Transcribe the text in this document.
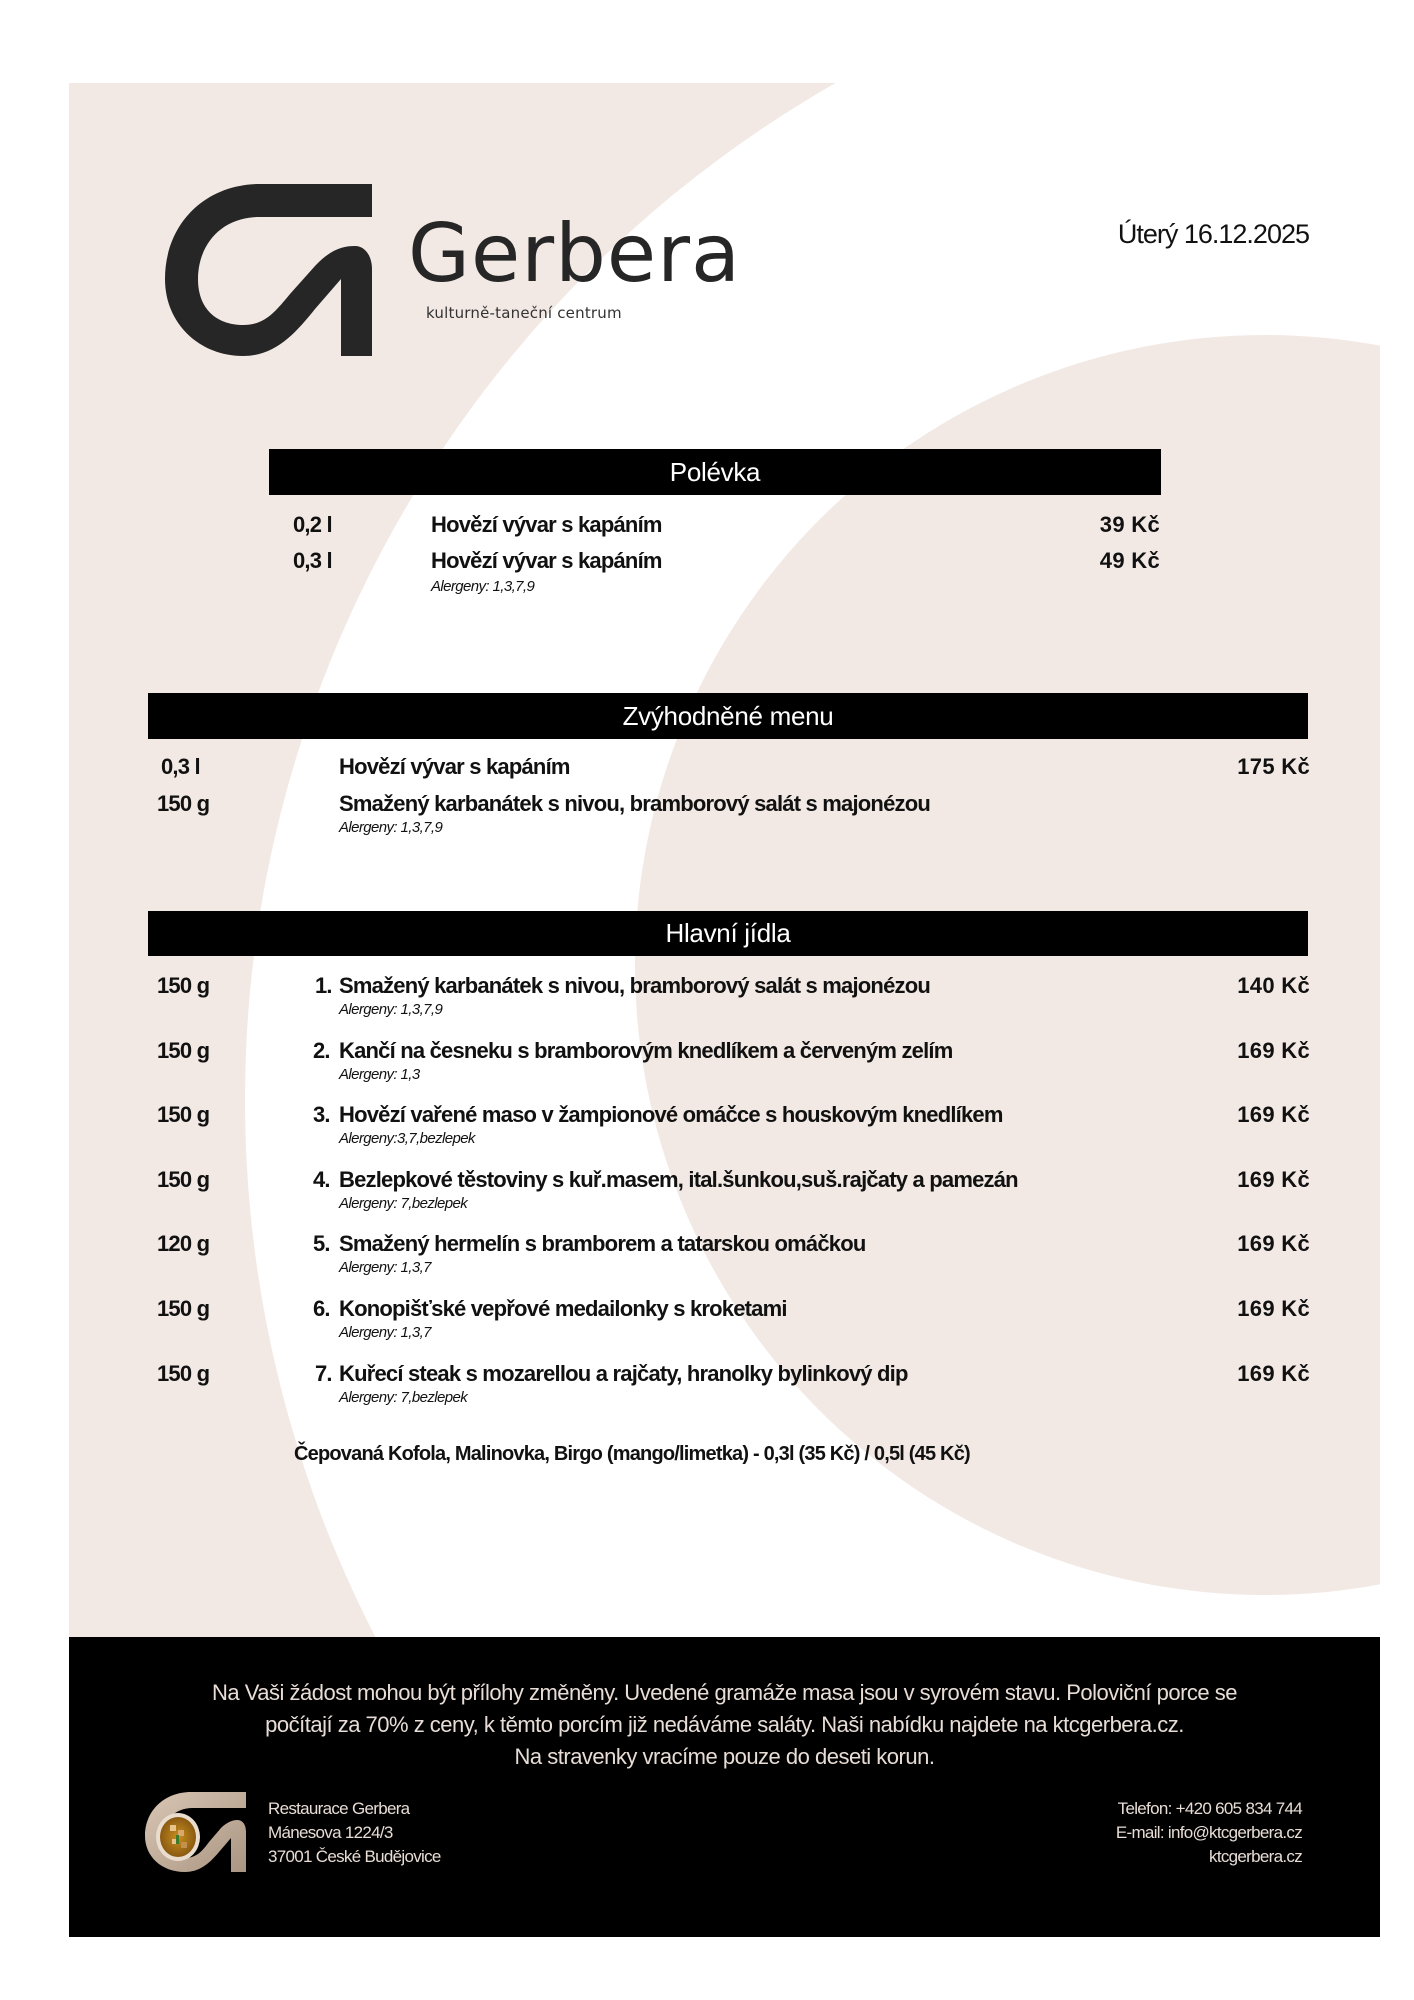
Gerbera
kulturně-taneční centrum
Úterý 16.12.2025
Polévka
0,2 l	Hovězí vývar s kapáním	39 Kč
0,3 l	Hovězí vývar s kapáním	49 Kč
Alergeny: 1,3,7,9
Zvýhodněné menu
0,3 l	Hovězí vývar s kapáním	175 Kč
150 g	Smažený karbanátek s nivou, bramborový salát s majonézou
Alergeny: 1,3,7,9
Hlavní jídla
150 g	1. Smažený karbanátek s nivou, bramborový salát s majonézou	140 Kč
Alergeny: 1,3,7,9
150 g	2. Kančí na česneku s bramborovým knedlíkem a červeným zelím	169 Kč
Alergeny: 1,3
150 g	3. Hovězí vařené maso v žampionové omáčce s houskovým knedlíkem	169 Kč
Alergeny:3,7,bezlepek
150 g	4. Bezlepkové těstoviny s kuř.masem, ital.šunkou,suš.rajčaty a pamezán	169 Kč
Alergeny: 7,bezlepek
120 g	5. Smažený hermelín s bramborem a tatarskou omáčkou	169 Kč
Alergeny: 1,3,7
150 g	6. Konopišťské vepřové medailonky s kroketami	169 Kč
Alergeny: 1,3,7
150 g	7. Kuřecí steak s mozarellou a rajčaty, hranolky bylinkový dip	169 Kč
Alergeny: 7,bezlepek
Čepovaná Kofola, Malinovka, Birgo (mango/limetka) - 0,3l (35 Kč) / 0,5l (45 Kč)
Na Vaši žádost mohou být přílohy změněny. Uvedené gramáže masa jsou v syrovém stavu. Poloviční porce se
počítají za 70% z ceny, k těmto porcím již nedáváme saláty. Naši nabídku najdete na ktcgerbera.cz.
Na stravenky vracíme pouze do deseti korun.
Restaurace Gerbera
Mánesova 1224/3
37001 České Budějovice
Telefon: +420 605 834 744
E-mail: info@ktcgerbera.cz
ktcgerbera.cz
